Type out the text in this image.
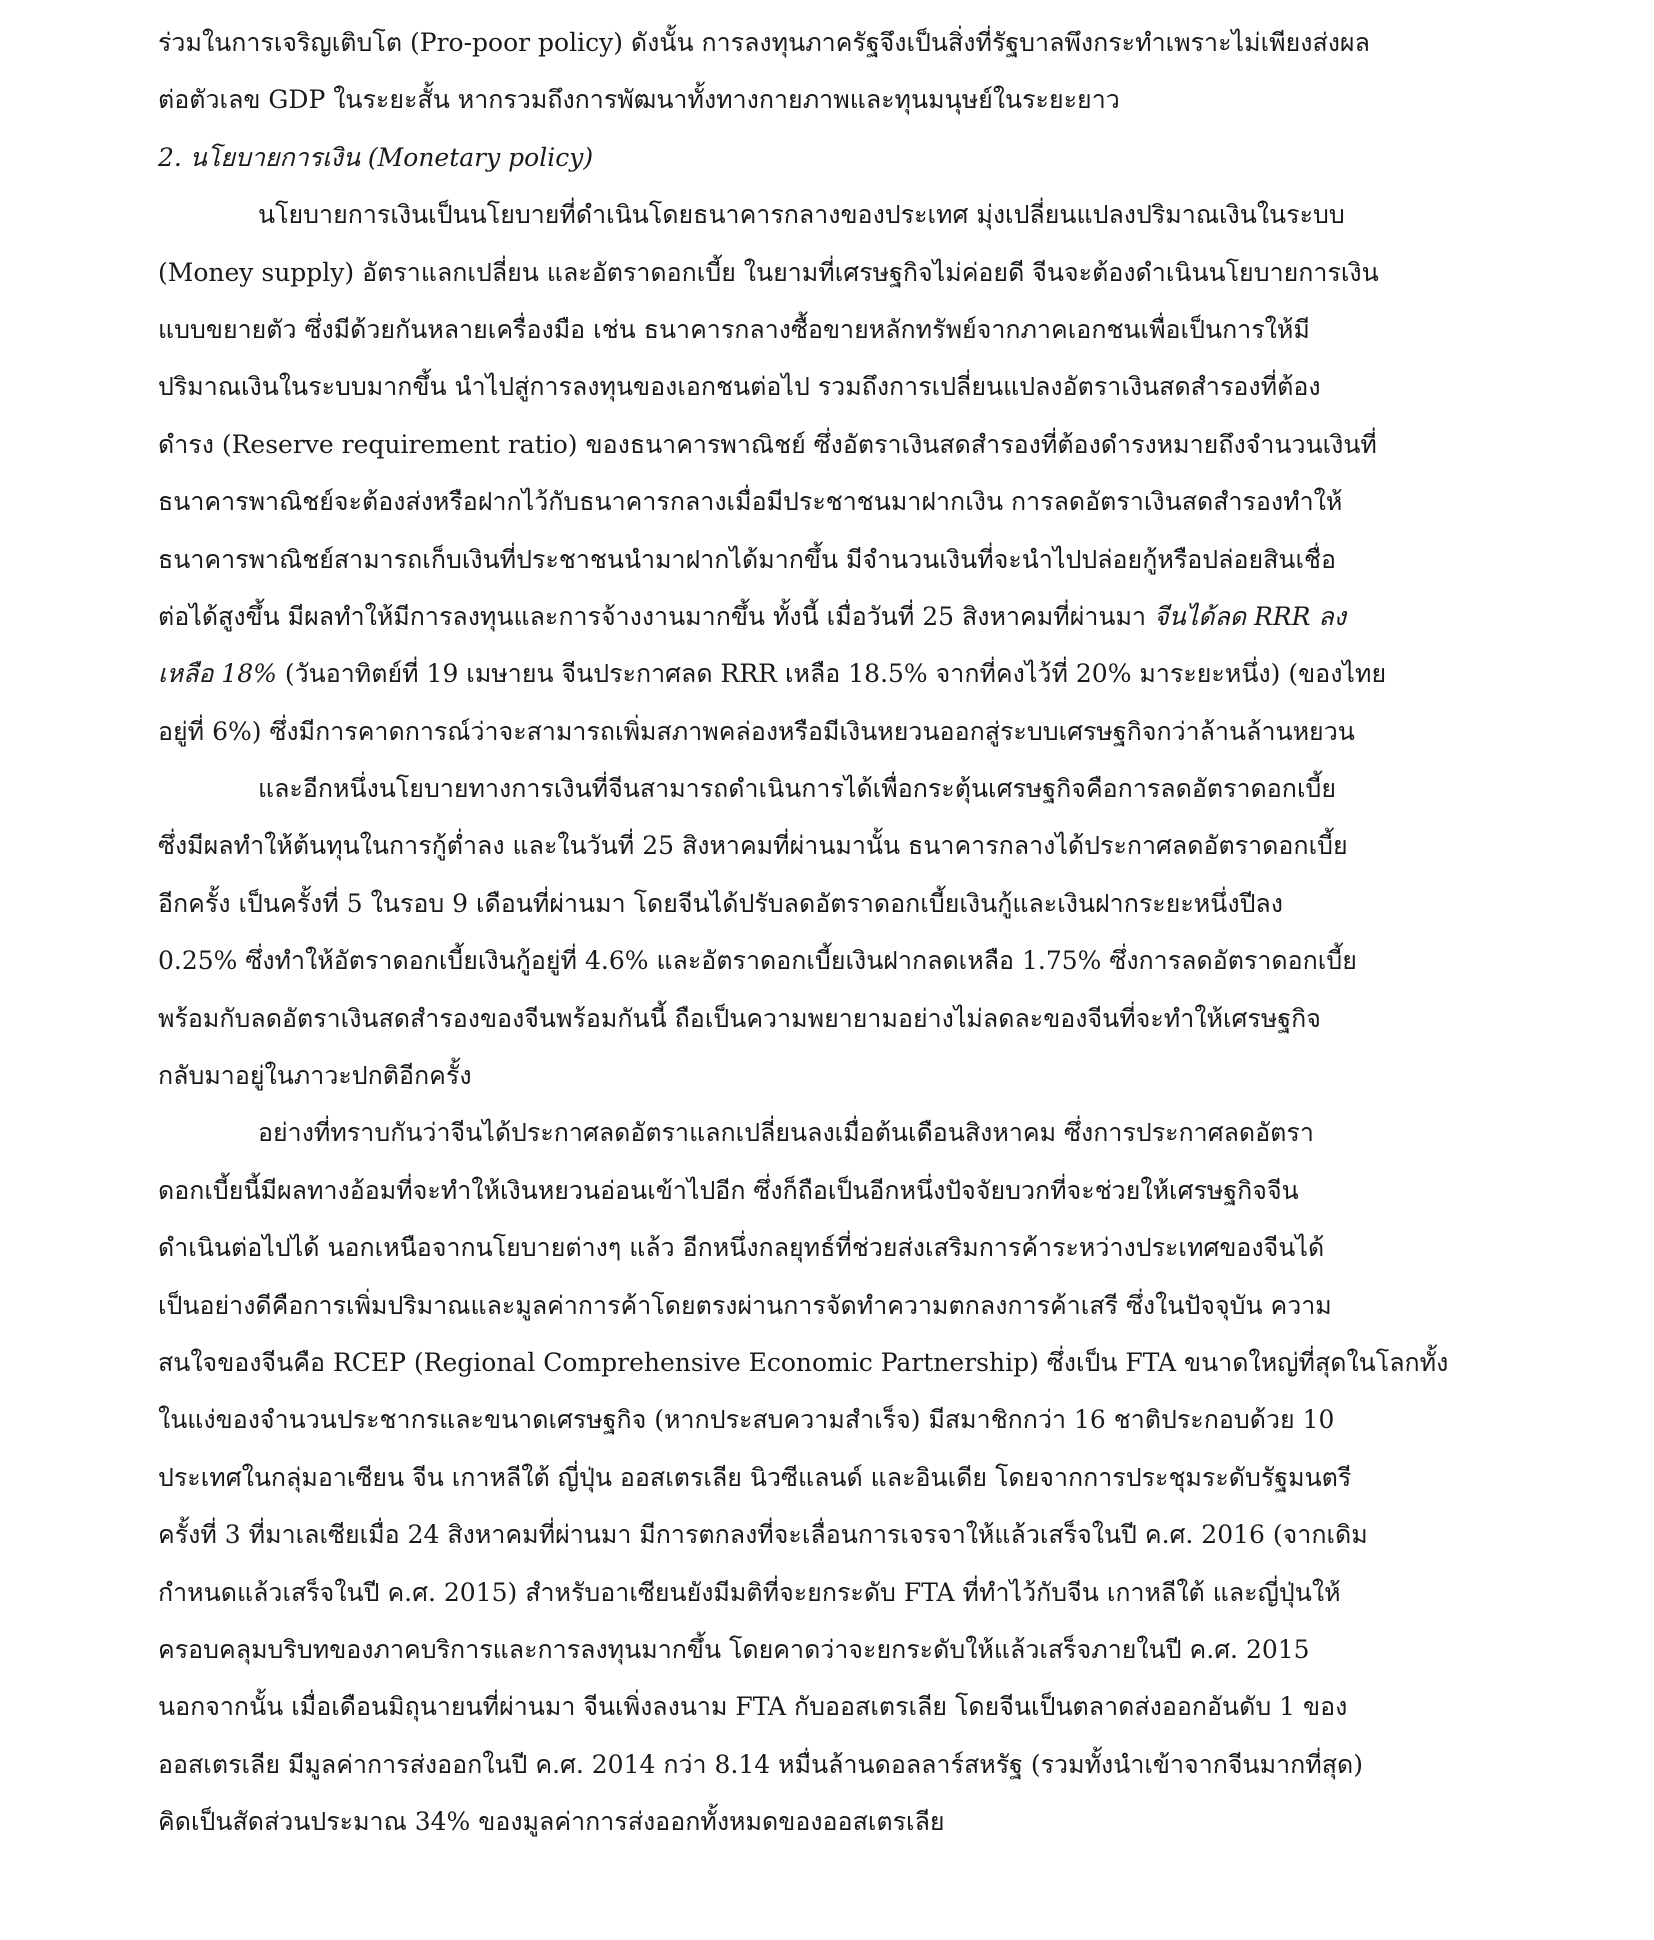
ร่วมในการเจริญเติบโต (Pro-poor policy) ดังนั้น การลงทุนภาครัฐจึงเป็นสิ่งที่รัฐบาลพึงกระทำเพราะไม่เพียงส่งผล
ต่อตัวเลข GDP ในระยะสั้น หากรวมถึงการพัฒนาทั้งทางกายภาพและทุนมนุษย์ในระยะยาว
2. นโยบายการเงิน (Monetary policy)
นโยบายการเงินเป็นนโยบายที่ดำเนินโดยธนาคารกลางของประเทศ มุ่งเปลี่ยนแปลงปริมาณเงินในระบบ
(Money supply) อัตราแลกเปลี่ยน และอัตราดอกเบี้ย ในยามที่เศรษฐกิจไม่ค่อยดี จีนจะต้องดำเนินนโยบายการเงิน
แบบขยายตัว ซึ่งมีด้วยกันหลายเครื่องมือ เช่น ธนาคารกลางซื้อขายหลักทรัพย์จากภาคเอกชนเพื่อเป็นการให้มี
ปริมาณเงินในระบบมากขึ้น นำไปสู่การลงทุนของเอกชนต่อไป รวมถึงการเปลี่ยนแปลงอัตราเงินสดสำรองที่ต้อง
ดำรง (Reserve requirement ratio) ของธนาคารพาณิชย์ ซึ่งอัตราเงินสดสำรองที่ต้องดำรงหมายถึงจำนวนเงินที่
ธนาคารพาณิชย์จะต้องส่งหรือฝากไว้กับธนาคารกลางเมื่อมีประชาชนมาฝากเงิน การลดอัตราเงินสดสำรองทำให้
ธนาคารพาณิชย์สามารถเก็บเงินที่ประชาชนนำมาฝากได้มากขึ้น มีจำนวนเงินที่จะนำไปปล่อยกู้หรือปล่อยสินเชื่อ
ต่อได้สูงขึ้น มีผลทำให้มีการลงทุนและการจ้างงานมากขึ้น ทั้งนี้ เมื่อวันที่ 25 สิงหาคมที่ผ่านมา จีนได้ลด RRR ลง
เหลือ 18% (วันอาทิตย์ที่ 19 เมษายน จีนประกาศลด RRR เหลือ 18.5% จากที่คงไว้ที่ 20% มาระยะหนึ่ง) (ของไทย
อยู่ที่ 6%) ซึ่งมีการคาดการณ์ว่าจะสามารถเพิ่มสภาพคล่องหรือมีเงินหยวนออกสู่ระบบเศรษฐกิจกว่าล้านล้านหยวน
และอีกหนึ่งนโยบายทางการเงินที่จีนสามารถดำเนินการได้เพื่อกระตุ้นเศรษฐกิจคือการลดอัตราดอกเบี้ย
ซึ่งมีผลทำให้ต้นทุนในการกู้ต่ำลง และในวันที่ 25 สิงหาคมที่ผ่านมานั้น ธนาคารกลางได้ประกาศลดอัตราดอกเบี้ย
อีกครั้ง เป็นครั้งที่ 5 ในรอบ 9 เดือนที่ผ่านมา โดยจีนได้ปรับลดอัตราดอกเบี้ยเงินกู้และเงินฝากระยะหนึ่งปีลง
0.25% ซึ่งทำให้อัตราดอกเบี้ยเงินกู้อยู่ที่ 4.6% และอัตราดอกเบี้ยเงินฝากลดเหลือ 1.75% ซึ่งการลดอัตราดอกเบี้ย
พร้อมกับลดอัตราเงินสดสำรองของจีนพร้อมกันนี้ ถือเป็นความพยายามอย่างไม่ลดละของจีนที่จะทำให้เศรษฐกิจ
กลับมาอยู่ในภาวะปกติอีกครั้ง
อย่างที่ทราบกันว่าจีนได้ประกาศลดอัตราแลกเปลี่ยนลงเมื่อต้นเดือนสิงหาคม ซึ่งการประกาศลดอัตรา
ดอกเบี้ยนี้มีผลทางอ้อมที่จะทำให้เงินหยวนอ่อนเข้าไปอีก ซึ่งก็ถือเป็นอีกหนึ่งปัจจัยบวกที่จะช่วยให้เศรษฐกิจจีน
ดำเนินต่อไปได้ นอกเหนือจากนโยบายต่างๆ แล้ว อีกหนึ่งกลยุทธ์ที่ช่วยส่งเสริมการค้าระหว่างประเทศของจีนได้
เป็นอย่างดีคือการเพิ่มปริมาณและมูลค่าการค้าโดยตรงผ่านการจัดทำความตกลงการค้าเสรี ซึ่งในปัจจุบัน ความ
สนใจของจีนคือ RCEP (Regional Comprehensive Economic Partnership) ซึ่งเป็น FTA ขนาดใหญ่ที่สุดในโลกทั้ง
ในแง่ของจำนวนประชากรและขนาดเศรษฐกิจ (หากประสบความสำเร็จ) มีสมาชิกกว่า 16 ชาติประกอบด้วย 10
ประเทศในกลุ่มอาเซียน จีน เกาหลีใต้ ญี่ปุ่น ออสเตรเลีย นิวซีแลนด์ และอินเดีย โดยจากการประชุมระดับรัฐมนตรี
ครั้งที่ 3 ที่มาเลเซียเมื่อ 24 สิงหาคมที่ผ่านมา มีการตกลงที่จะเลื่อนการเจรจาให้แล้วเสร็จในปี ค.ศ. 2016 (จากเดิม
กำหนดแล้วเสร็จในปี ค.ศ. 2015) สำหรับอาเซียนยังมีมติที่จะยกระดับ FTA ที่ทำไว้กับจีน เกาหลีใต้ และญี่ปุ่นให้
ครอบคลุมบริบทของภาคบริการและการลงทุนมากขึ้น โดยคาดว่าจะยกระดับให้แล้วเสร็จภายในปี ค.ศ. 2015
นอกจากนั้น เมื่อเดือนมิถุนายนที่ผ่านมา จีนเพิ่งลงนาม FTA กับออสเตรเลีย โดยจีนเป็นตลาดส่งออกอันดับ 1 ของ
ออสเตรเลีย มีมูลค่าการส่งออกในปี ค.ศ. 2014 กว่า 8.14 หมื่นล้านดอลลาร์สหรัฐ (รวมทั้งนำเข้าจากจีนมากที่สุด)
คิดเป็นสัดส่วนประมาณ 34% ของมูลค่าการส่งออกทั้งหมดของออสเตรเลีย
